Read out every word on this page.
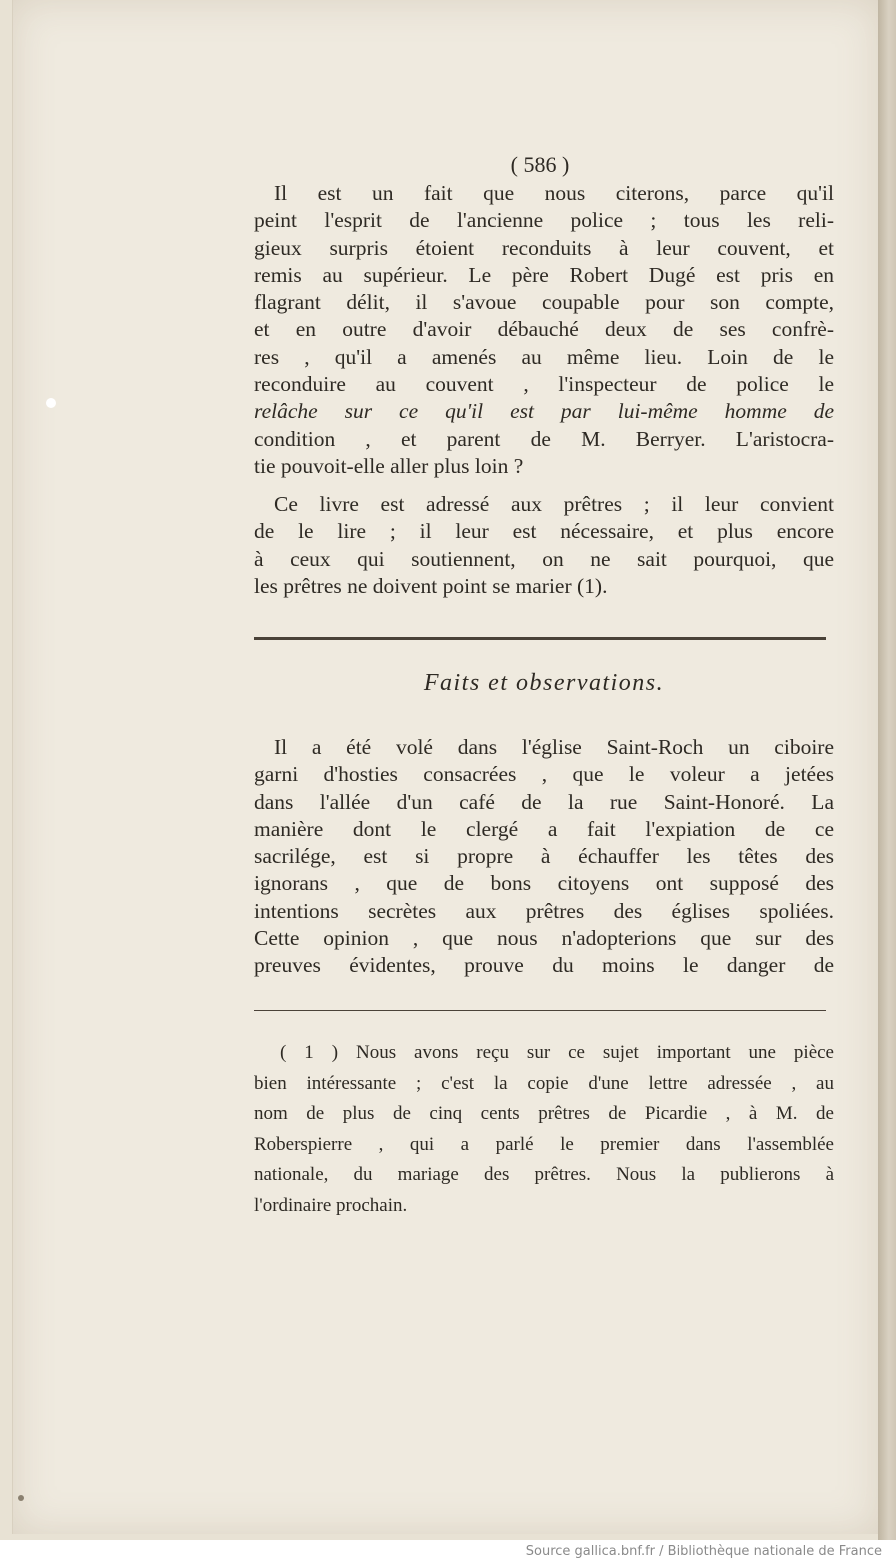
( 586 )

Il est un fait que nous citerons, parce qu'il
peint l'esprit de l'ancienne police ; tous les reli-
gieux surpris étoient reconduits à leur couvent, et
remis au supérieur. Le père Robert Dugé est pris en
flagrant délit, il s'avoue coupable pour son compte,
et en outre d'avoir débauché deux de ses confrè-
res , qu'il a amenés au même lieu. Loin de le
reconduire au couvent , l'inspecteur de police le
relâche sur ce qu'il est par lui-même homme de
condition , et parent de M. Berryer. L'aristocra-
tie pouvoit-elle aller plus loin ?

Ce livre est adressé aux prêtres ; il leur convient
de le lire ; il leur est nécessaire, et plus encore
à ceux qui soutiennent, on ne sait pourquoi, que
les prêtres ne doivent point se marier (1).

Faits et observations.

Il a été volé dans l'église Saint-Roch un ciboire
garni d'hosties consacrées , que le voleur a jetées
dans l'allée d'un café de la rue Saint-Honoré. La
manière dont le clergé a fait l'expiation de ce
sacrilége, est si propre à échauffer les têtes des
ignorans , que de bons citoyens ont supposé des
intentions secrètes aux prêtres des églises spoliées.
Cette opinion , que nous n'adopterions que sur des
preuves évidentes, prouve du moins le danger de

( 1 ) Nous avons reçu sur ce sujet important une pièce
bien intéressante ; c'est la copie d'une lettre adressée , au
nom de plus de cinq cents prêtres de Picardie , à M. de
Roberspierre , qui a parlé le premier dans l'assemblée
nationale, du mariage des prêtres. Nous la publierons à
l'ordinaire prochain.

Source gallica.bnf.fr / Bibliothèque nationale de France
